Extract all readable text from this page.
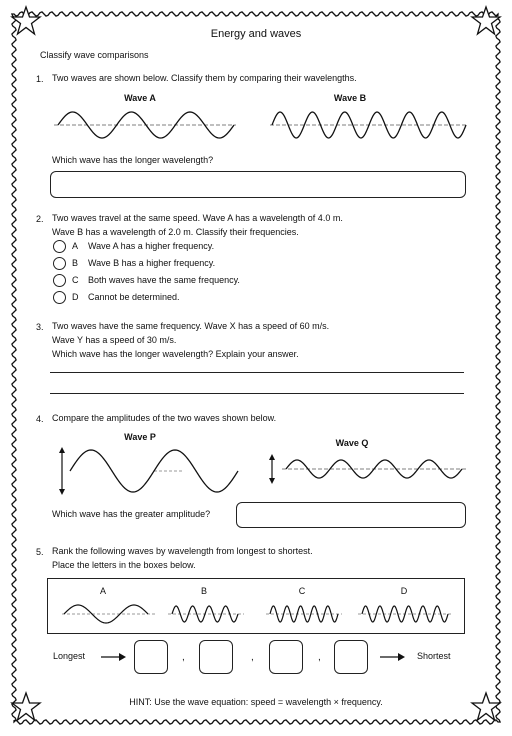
Energy and waves
Classify wave comparisons
1. Two waves are shown below. Classify them by comparing their wavelengths.
Wave A	Wave B
Which wave has the longer wavelength?
2. Two waves travel at the same speed. Wave A has a wavelength of 4.0 m.
Wave B has a wavelength of 2.0 m. Classify their frequencies.
A Wave A has a higher frequency.
B Wave B has a higher frequency.
C Both waves have the same frequency.
D Cannot be determined.
3. Two waves have the same frequency. Wave X has a speed of 60 m/s.
Wave Y has a speed of 30 m/s.
Which wave has the longer wavelength? Explain your answer.
4. Compare the amplitudes of the two waves shown below.
Wave P
Wave Q
Which wave has the greater amplitude?
5. Rank the following waves by wavelength from longest to shortest.
Place the letters in the boxes below.
A	B	C	D
Longest	,	,	,	Shortest
HINT: Use the wave equation: speed = wavelength × frequency.
